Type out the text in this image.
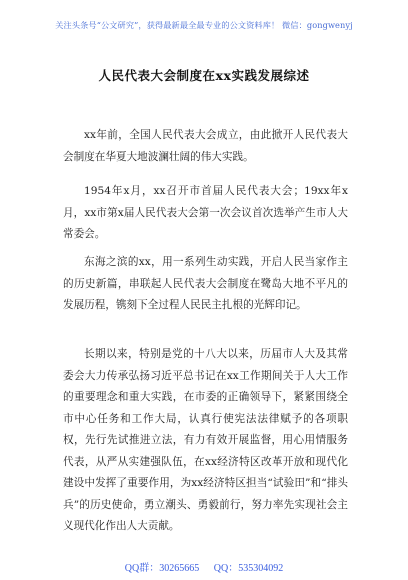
关注头条号“公文研究”，获得最新最全最专业的公文资料库！ 微信：gongwenyj
人民代表大会制度在xx实践发展综述

xx年前，全国人民代表大会成立，由此掀开人民代表大会制度在华夏大地波澜壮阔的伟大实践。

1954年x月，xx召开市首届人民代表大会；19xx年x月，xx市第x届人民代表大会第一次会议首次选举产生市人大常委会。

东海之滨的xx，用一系列生动实践，开启人民当家作主的历史新篇，串联起人民代表大会制度在鹭岛大地不平凡的发展历程，镌刻下全过程人民民主扎根的光辉印记。

长期以来，特别是党的十八大以来，历届市人大及其常委会大力传承弘扬习近平总书记在xx工作期间关于人大工作的重要理念和重大实践，在市委的正确领导下，紧紧围绕全市中心任务和工作大局，认真行使宪法法律赋予的各项职权，先行先试推进立法，有力有效开展监督，用心用情服务代表，从严从实建强队伍，在xx经济特区改革开放和现代化建设中发挥了重要作用，为xx经济特区担当“试验田”和“排头兵”的历史使命，勇立潮头、勇毅前行，努力率先实现社会主义现代化作出人大贡献。

QQ群：30265665 QQ：535304092
